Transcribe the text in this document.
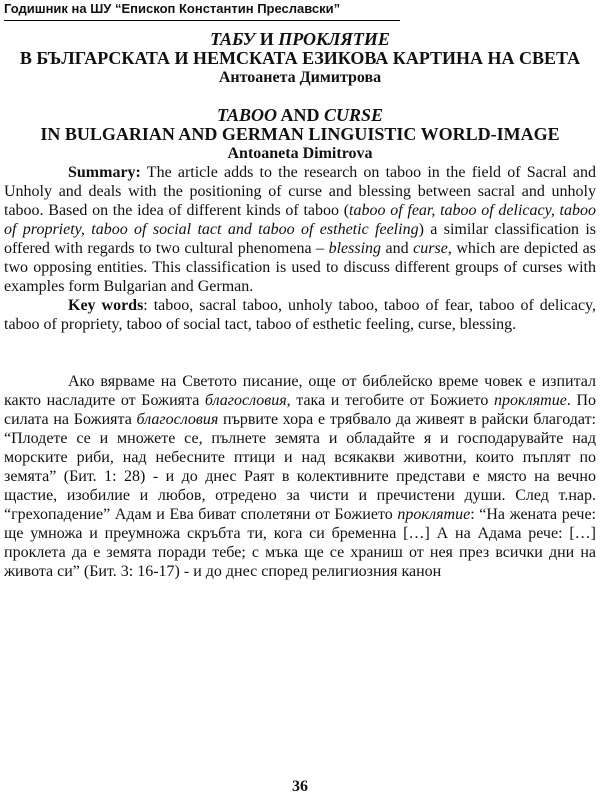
Годишник на ШУ “Епископ Константин Преславски”
ТАБУ И ПРОКЛЯТИЕ
В БЪЛГАРСКАТА И НЕМСКАТА ЕЗИКОВА КАРТИНА НА СВЕТА
Антоанета Димитрова
TABOO AND CURSE
IN BULGARIAN AND GERMAN LINGUISTIC WORLD-IMAGE
Antoaneta Dimitrova

Summary: The article adds to the research on taboo in the field of Sacral and Unholy and deals with the positioning of curse and blessing between sacral and unholy taboo. Based on the idea of different kinds of taboo (taboo of fear, taboo of delicacy, taboo of propriety, taboo of social tact and taboo of esthetic feeling) a similar classification is offered with regards to two cultural phenomena – blessing and curse, which are depicted as two opposing entities. This classification is used to discuss different groups of curses with examples form Bulgarian and German.

Key words: taboo, sacral taboo, unholy taboo, taboo of fear, taboo of delicacy, taboo of propriety, taboo of social tact, taboo of esthetic feeling, curse, blessing.

Ако вярваме на Светото писание, още от библейско време човек е изпитал както насладите от Божията благословия, така и тегобите от Божието проклятие. По силата на Божията благословия първите хора е трябвало да живеят в райски благодат: “Плодете се и множете се, пълнете земята и обладайте я и господарувайте над морските риби, над небесните птици и над всякакви животни, които пъплят по земята” (Бит. 1: 28) - и до днес Раят в колективните представи е място на вечно щастие, изобилие и любов, отредено за чисти и пречистени души. След т.нар. “грехопадение” Адам и Ева биват сполетяни от Божието проклятие: “На жената рече: ще умножа и преумножа скръбта ти, кога си бременна […] А на Адама рече: […] проклета да е земята поради тебе; с мъка ще се храниш от нея през всички дни на живота си” (Бит. 3: 16-17) - и до днес според религиозния канон

36
